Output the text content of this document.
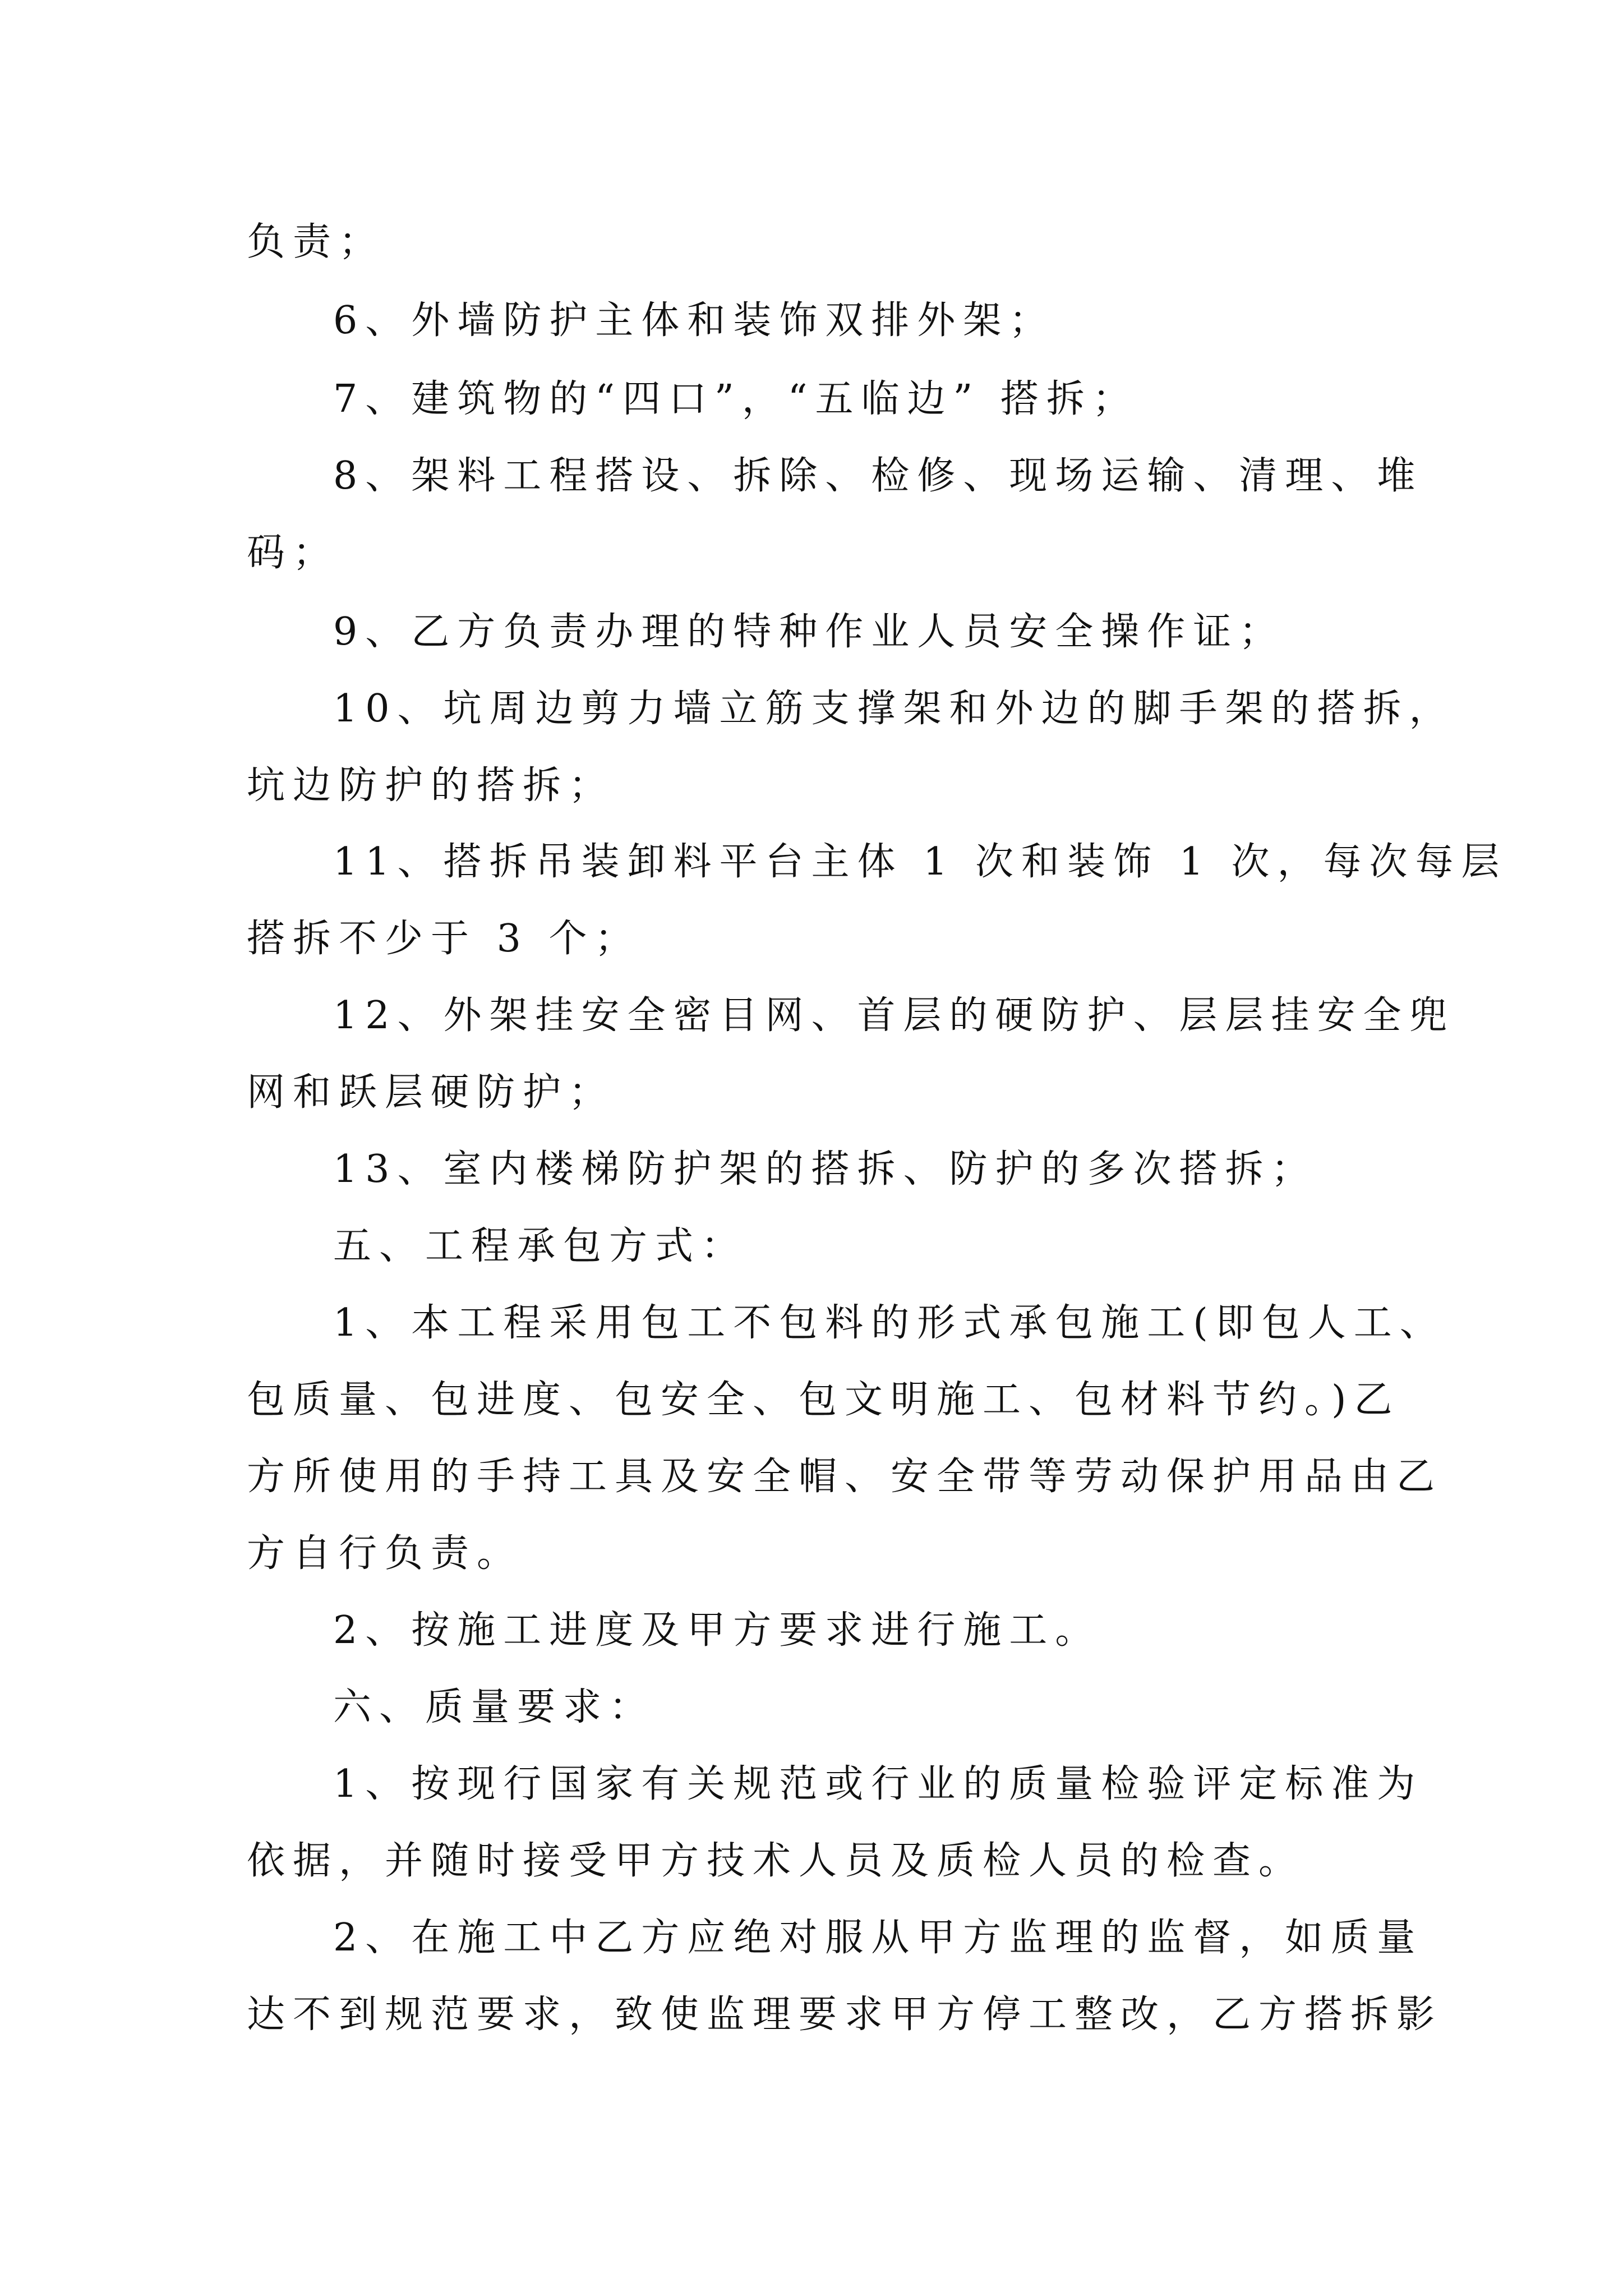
负责；
6、外墙防护主体和装饰双排外架；
7、建筑物的“四口”，“五临边” 搭拆；
8、架料工程搭设、拆除、检修、现场运输、清理、堆
码；
9、乙方负责办理的特种作业人员安全操作证；
10、坑周边剪力墙立筋支撑架和外边的脚手架的搭拆，
坑边防护的搭拆；
11、搭拆吊装卸料平台主体 1 次和装饰 1 次，每次每层
搭拆不少于 3 个；
12、外架挂安全密目网、首层的硬防护、层层挂安全兜
网和跃层硬防护；
13、室内楼梯防护架的搭拆、防护的多次搭拆；
五、工程承包方式：
1、本工程采用包工不包料的形式承包施工(即包人工、
包质量、包进度、包安全、包文明施工、包材料节约。)乙
方所使用的手持工具及安全帽、安全带等劳动保护用品由乙
方自行负责。
2、按施工进度及甲方要求进行施工。
六、质量要求：
1、按现行国家有关规范或行业的质量检验评定标准为
依据，并随时接受甲方技术人员及质检人员的检查。
2、在施工中乙方应绝对服从甲方监理的监督，如质量
达不到规范要求，致使监理要求甲方停工整改，乙方搭拆影
